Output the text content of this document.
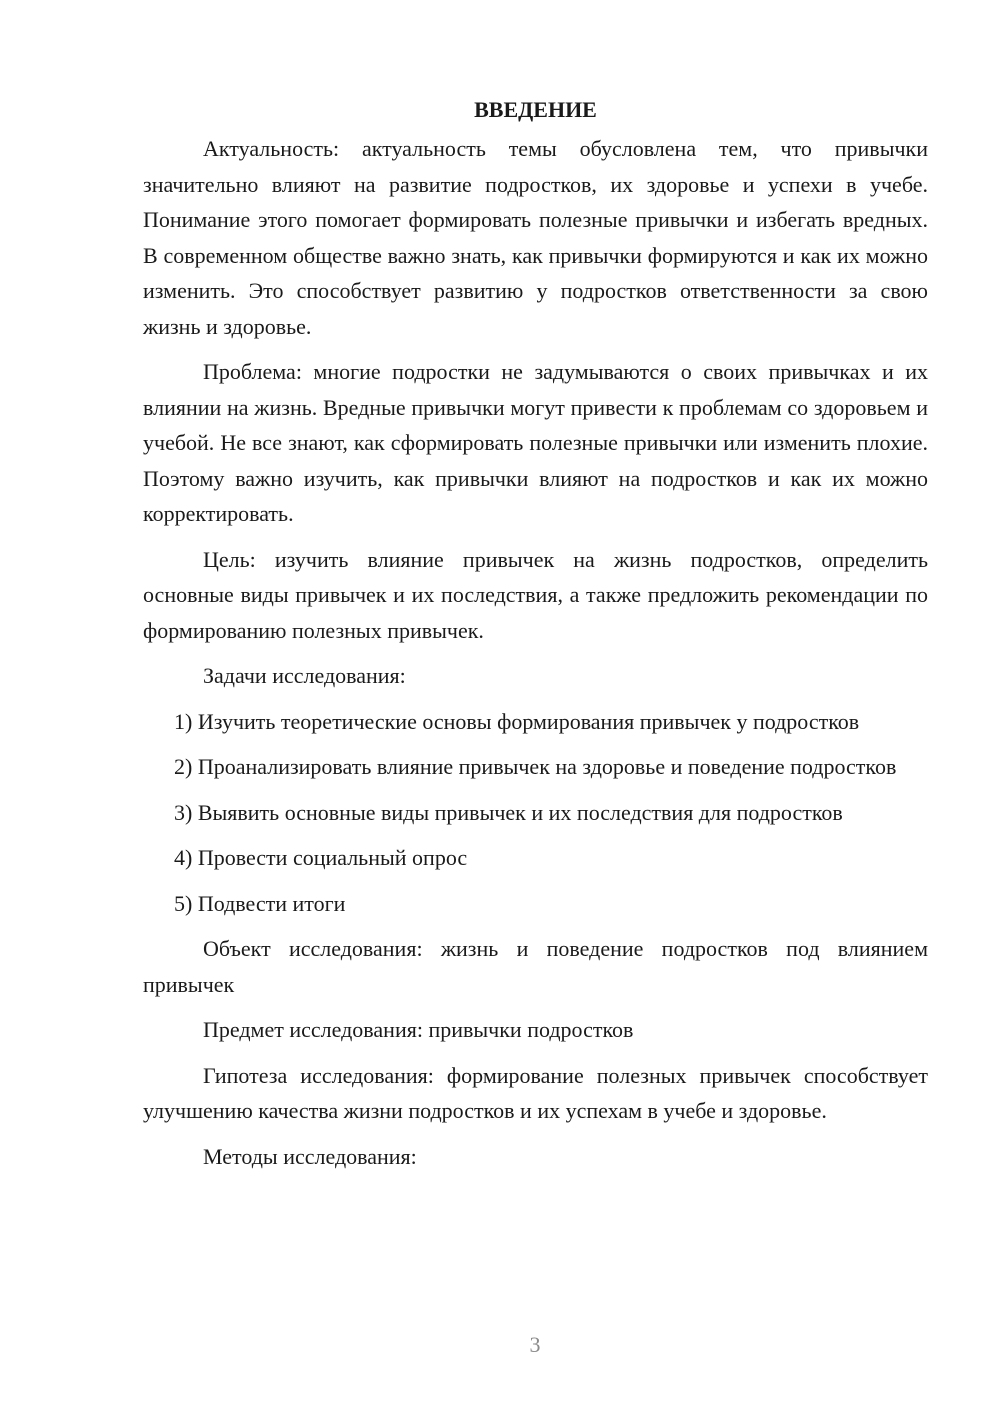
ВВЕДЕНИЕ

Актуальность: актуальность темы обусловлена тем, что привычки значительно влияют на развитие подростков, их здоровье и успехи в учебе. Понимание этого помогает формировать полезные привычки и избегать вредных. В современном обществе важно знать, как привычки формируются и как их можно изменить. Это способствует развитию у подростков ответственности за свою жизнь и здоровье.

Проблема: многие подростки не задумываются о своих привычках и их влиянии на жизнь. Вредные привычки могут привести к проблемам со здоровьем и учебой. Не все знают, как сформировать полезные привычки или изменить плохие. Поэтому важно изучить, как привычки влияют на подростков и как их можно корректировать.

Цель: изучить влияние привычек на жизнь подростков, определить основные виды привычек и их последствия, а также предложить рекомендации по формированию полезных привычек.

Задачи исследования:

1) Изучить теоретические основы формирования привычек у подростков

2) Проанализировать влияние привычек на здоровье и поведение подростков

3) Выявить основные виды привычек и их последствия для подростков

4) Провести социальный опрос

5) Подвести итоги

Объект исследования: жизнь и поведение подростков под влиянием привычек

Предмет исследования: привычки подростков

Гипотеза исследования: формирование полезных привычек способствует улучшению качества жизни подростков и их успехам в учебе и здоровье.

Методы исследования:

3
